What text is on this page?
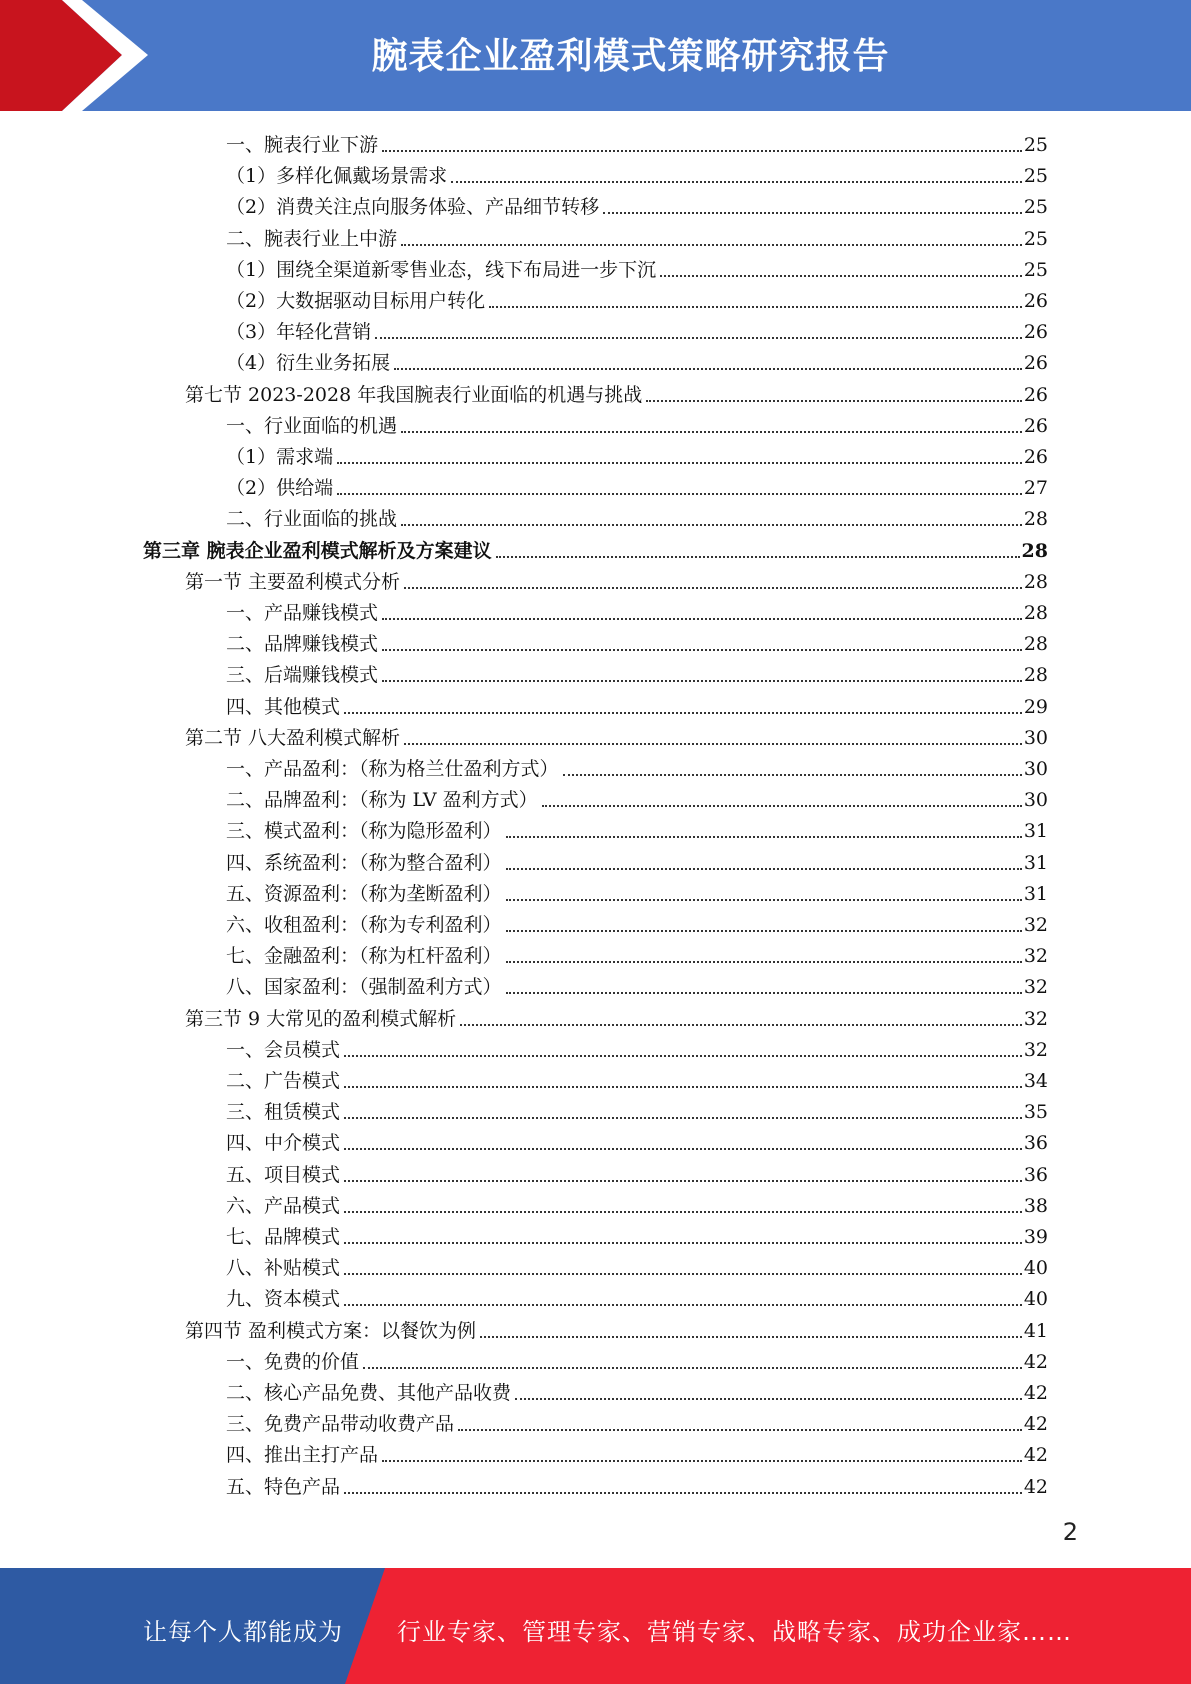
腕表企业盈利模式策略研究报告
一、腕表行业下游	25
（1）多样化佩戴场景需求	25
（2）消费关注点向服务体验、产品细节转移	25
二、腕表行业上中游	25
（1）围绕全渠道新零售业态，线下布局进一步下沉	25
（2）大数据驱动目标用户转化	26
（3）年轻化营销	26
（4）衍生业务拓展	26
第七节 2023-2028 年我国腕表行业面临的机遇与挑战	26
一、行业面临的机遇	26
（1）需求端	26
（2）供给端	27
二、行业面临的挑战	28
第三章 腕表企业盈利模式解析及方案建议	28
第一节 主要盈利模式分析	28
一、产品赚钱模式	28
二、品牌赚钱模式	28
三、后端赚钱模式	28
四、其他模式	29
第二节 八大盈利模式解析	30
一、产品盈利：（称为格兰仕盈利方式）	30
二、品牌盈利：（称为 LV 盈利方式）	30
三、模式盈利：（称为隐形盈利）	31
四、系统盈利：（称为整合盈利）	31
五、资源盈利：（称为垄断盈利）	31
六、收租盈利：（称为专利盈利）	32
七、金融盈利：（称为杠杆盈利）	32
八、国家盈利：（强制盈利方式）	32
第三节 9 大常见的盈利模式解析	32
一、会员模式	32
二、广告模式	34
三、租赁模式	35
四、中介模式	36
五、项目模式	36
六、产品模式	38
七、品牌模式	39
八、补贴模式	40
九、资本模式	40
第四节 盈利模式方案：以餐饮为例	41
一、免费的价值	42
二、核心产品免费、其他产品收费	42
三、免费产品带动收费产品	42
四、推出主打产品	42
五、特色产品	42
2
让每个人都能成为 行业专家、管理专家、营销专家、战略专家、成功企业家……
